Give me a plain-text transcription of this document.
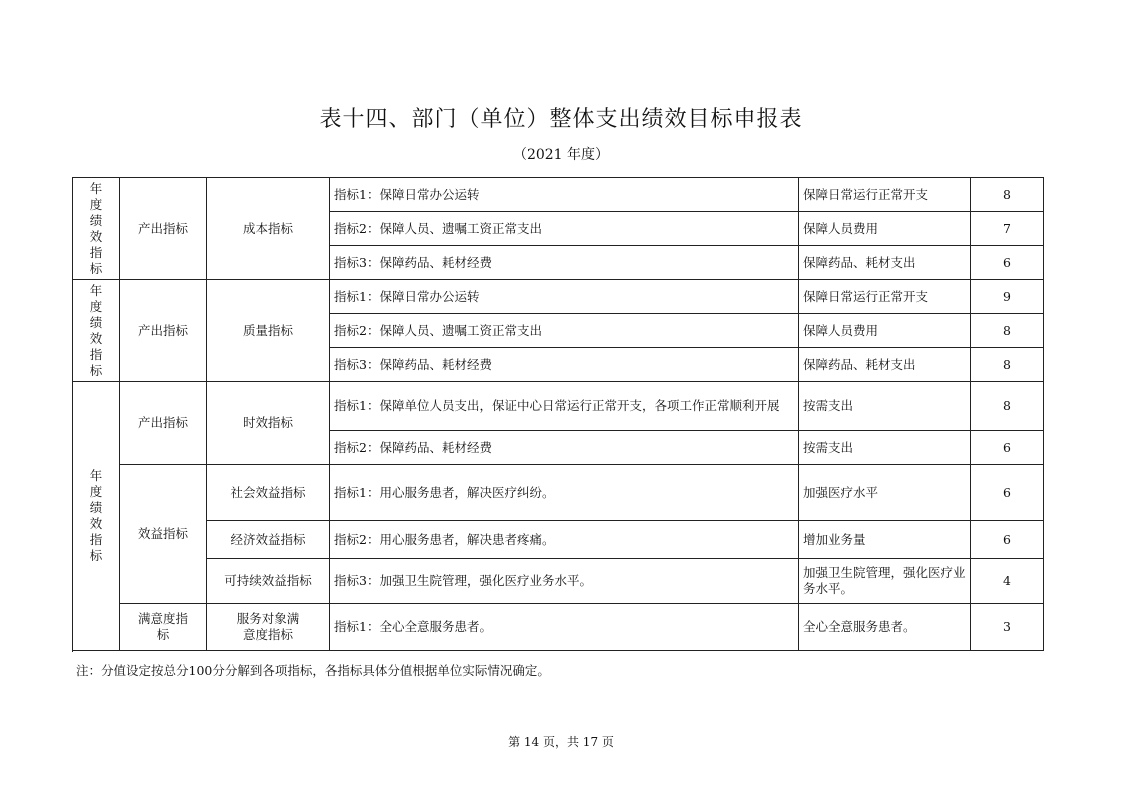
表十四、部门（单位）整体支出绩效目标申报表
（2021 年度）
年度绩效指标	产出指标	成本指标	指标1：保障日常办公运转	保障日常运行正常开支	8
			指标2：保障人员、遗嘱工资正常支出	保障人员费用	7
			指标3：保障药品、耗材经费	保障药品、耗材支出	6
年度绩效指标	产出指标	质量指标	指标1：保障日常办公运转	保障日常运行正常开支	9
			指标2：保障人员、遗嘱工资正常支出	保障人员费用	8
			指标3：保障药品、耗材经费	保障药品、耗材支出	8
年度绩效指标	产出指标	时效指标	指标1：保障单位人员支出，保证中心日常运行正常开支，各项工作正常顺利开展	按需支出	8
			指标2：保障药品、耗材经费	按需支出	6
	效益指标	社会效益指标	指标1：用心服务患者，解决医疗纠纷。	加强医疗水平	6
		经济效益指标	指标2：用心服务患者，解决患者疼痛。	增加业务量	6
		可持续效益指标	指标3：加强卫生院管理，强化医疗业务水平。	加强卫生院管理，强化医疗业务水平。	4
	满意度指标	服务对象满意度指标	指标1：全心全意服务患者。	全心全意服务患者。	3

注：分值设定按总分100分分解到各项指标，各指标具体分值根据单位实际情况确定。
第 14 页，共 17 页
